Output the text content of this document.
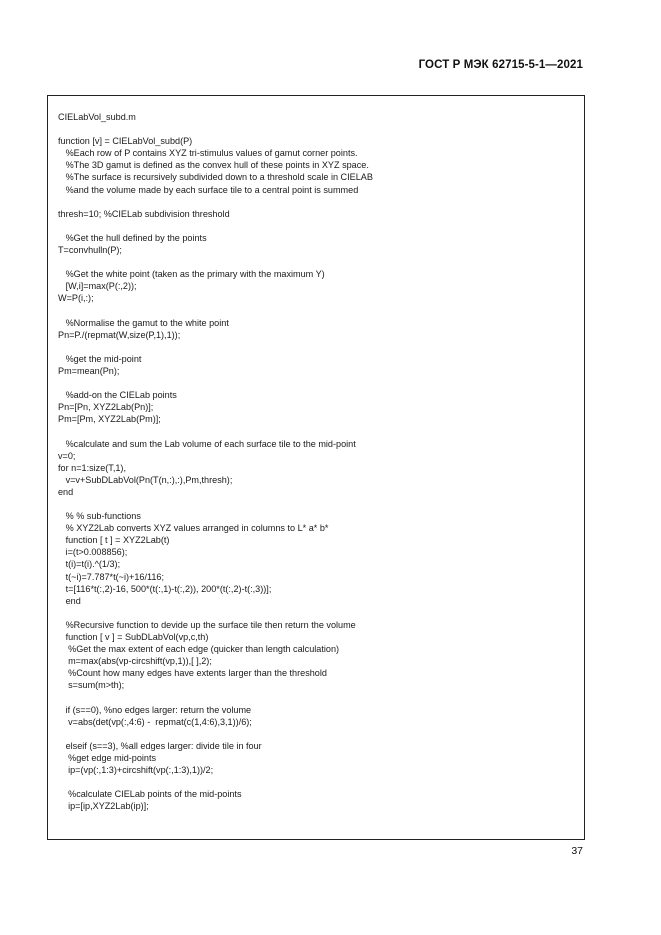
ГОСТ Р МЭК 62715-5-1—2021
CIELabVol_subd.m
function [v] = CIELabVol_subd(P)
%Each row of P contains XYZ tri-stimulus values of gamut corner points.
%The 3D gamut is defined as the convex hull of these points in XYZ space.
%The surface is recursively subdivided down to a threshold scale in CIELAB
%and the volume made by each surface tile to a central point is summed
thresh=10; %CIELab subdivision threshold
%Get the hull defined by the points
T=convhulln(P);
%Get the white point (taken as the primary with the maximum Y)
[W,i]=max(P(:,2));
W=P(i,:);
%Normalise the gamut to the white point
Pn=P./(repmat(W,size(P,1),1));
%get the mid-point
Pm=mean(Pn);
%add-on the CIELab points
Pn=[Pn, XYZ2Lab(Pn)];
Pm=[Pm, XYZ2Lab(Pm)];
%calculate and sum the Lab volume of each surface tile to the mid-point
v=0;
for n=1:size(T,1),
v=v+SubDLabVol(Pn(T(n,:),:),Pm,thresh);
end
% % sub-functions
% XYZ2Lab converts XYZ values arranged in columns to L* a* b*
function [ t ] = XYZ2Lab(t)
i=(t>0.008856);
t(i)=t(i).^(1/3);
t(~i)=7.787*t(~i)+16/116;
t=[116*t(:,2)-16, 500*(t(:,1)-t(:,2)), 200*(t(:,2)-t(:,3))];
end
%Recursive function to devide up the surface tile then return the volume
function [ v ] = SubDLabVol(vp,c,th)
%Get the max extent of each edge (quicker than length calculation)
m=max(abs(vp-circshift(vp,1)),[ ],2);
%Count how many edges have extents larger than the threshold
s=sum(m>th);
if (s==0), %no edges larger: return the volume
v=abs(det(vp(:,4:6) -  repmat(c(1,4:6),3,1))/6);
elseif (s==3), %all edges larger: divide tile in four
%get edge mid-points
ip=(vp(:,1:3)+circshift(vp(:,1:3),1))/2;
%calculate CIELab points of the mid-points
ip=[ip,XYZ2Lab(ip)];
37
